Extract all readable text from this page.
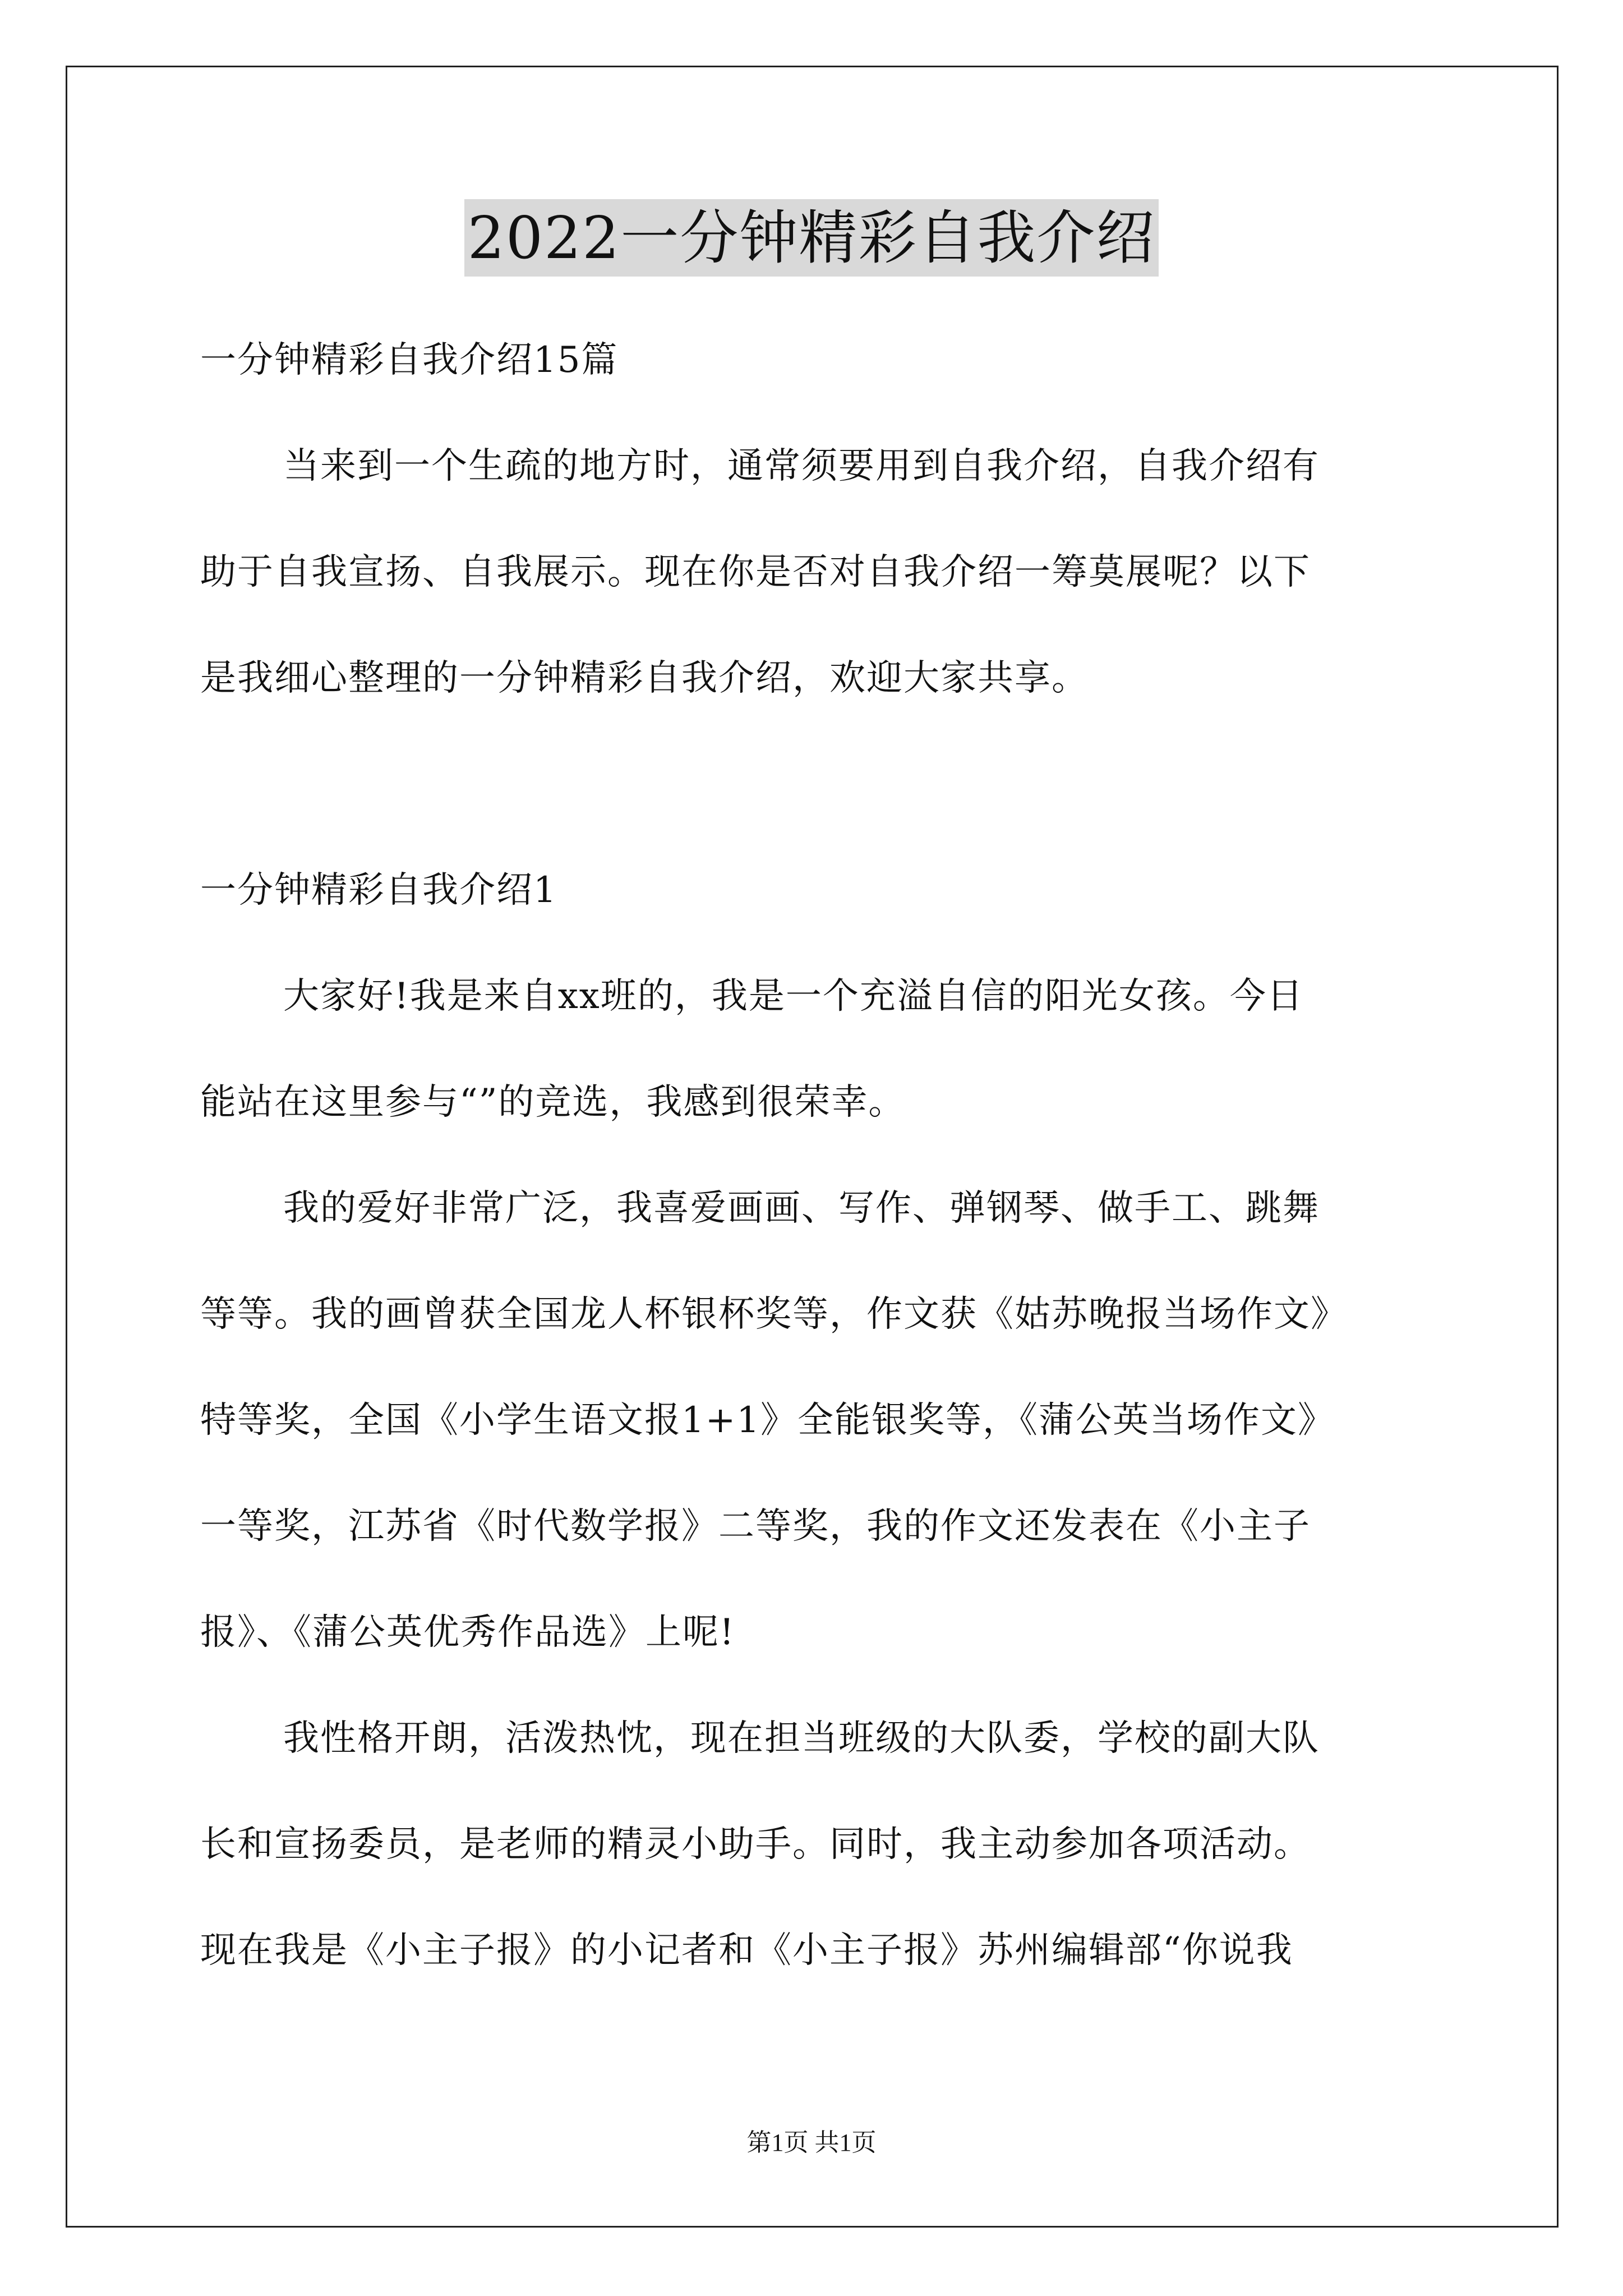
2022一分钟精彩自我介绍
一分钟精彩自我介绍15篇
当来到一个生疏的地方时，通常须要用到自我介绍，自我介绍有
助于自我宣扬、自我展示。现在你是否对自我介绍一筹莫展呢？以下
是我细心整理的一分钟精彩自我介绍，欢迎大家共享。
一分钟精彩自我介绍1
大家好!我是来自xx班的，我是一个充溢自信的阳光女孩。今日
能站在这里参与“”的竞选，我感到很荣幸。
我的爱好非常广泛，我喜爱画画、写作、弹钢琴、做手工、跳舞
等等。我的画曾获全国龙人杯银杯奖等，作文获《姑苏晚报当场作文》
特等奖，全国《小学生语文报1+1》全能银奖等，《蒲公英当场作文》
一等奖，江苏省《时代数学报》二等奖，我的作文还发表在《小主子
报》、《蒲公英优秀作品选》上呢!
我性格开朗，活泼热忱，现在担当班级的大队委，学校的副大队
长和宣扬委员，是老师的精灵小助手。同时，我主动参加各项活动。
现在我是《小主子报》的小记者和《小主子报》苏州编辑部“你说我
第1页 共1页
